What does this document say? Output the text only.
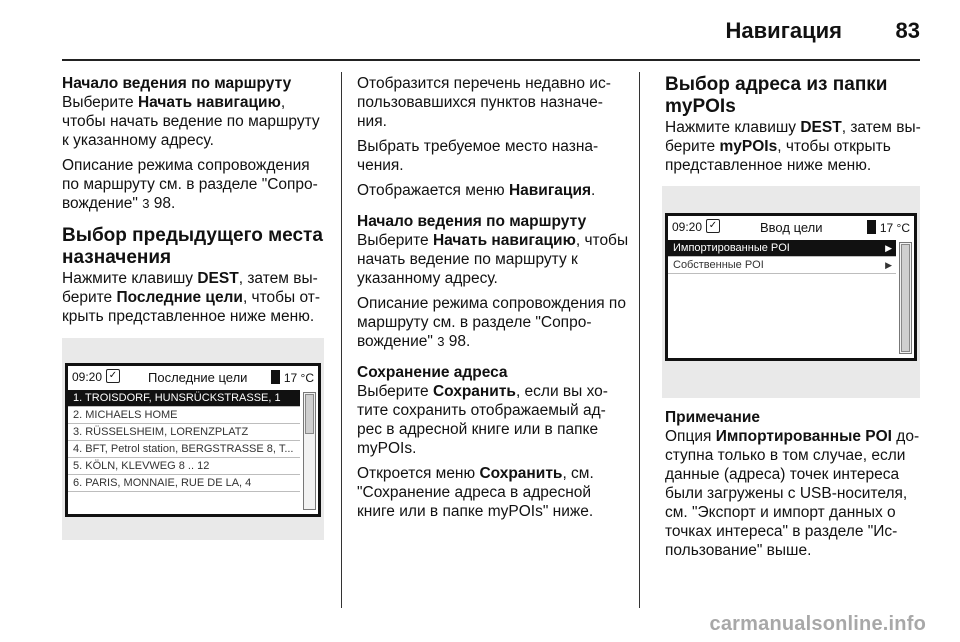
Навигация 83
Начало ведения по маршруту
Выберите Начать навигацию, чтобы начать ведение по маршруту к указанному адресу.
Описание режима сопровождения по маршруту см. в разделе "Сопро-вождение" 3 98.
Выбор предыдущего места назначения
Нажмите клавишу DEST, затем вы-берите Последние цели, чтобы от-крыть представленное ниже меню.
09:20 ✓ Последние цели	17 °C
1. TROISDORF, HUNSRÜCKSTRASSE, 1
2. MICHAELS HOME
3. RÜSSELSHEIM, LORENZPLATZ
4. BFT, Petrol station, BERGSTRASSE 8, T...
5. KÖLN, KLEVWEG 8 .. 12
6. PARIS, MONNAIE, RUE DE LA, 4
Отобразится перечень недавно ис-пользовавшихся пунктов назначе-ния.
Выбрать требуемое место назна-чения.
Отображается меню Навигация.
Начало ведения по маршруту
Выберите Начать навигацию, чтобы начать ведение по маршруту к указанному адресу.
Описание режима сопровождения по маршруту см. в разделе "Сопро-вождение" 3 98.
Сохранение адреса
Выберите Сохранить, если вы хо-тите сохранить отображаемый ад-рес в адресной книге или в папке myPOIs.
Откроется меню Сохранить, см. "Сохранение адреса в адресной книге или в папке myPOIs" ниже.
Выбор адреса из папки myPOIs
Нажмите клавишу DEST, затем вы-берите myPOIs, чтобы открыть представленное ниже меню.
09:20 ✓	Ввод цели	17 °C
Импортированные POI	▶
Собственные POI	▶
Примечание
Опция Импортированные POI до-ступна только в том случае, если данные (адреса) точек интереса были загружены с USB-носителя, см. "Экспорт и импорт данных о точках интереса" в разделе "Ис-пользование" выше.
carmanualsonline.info
